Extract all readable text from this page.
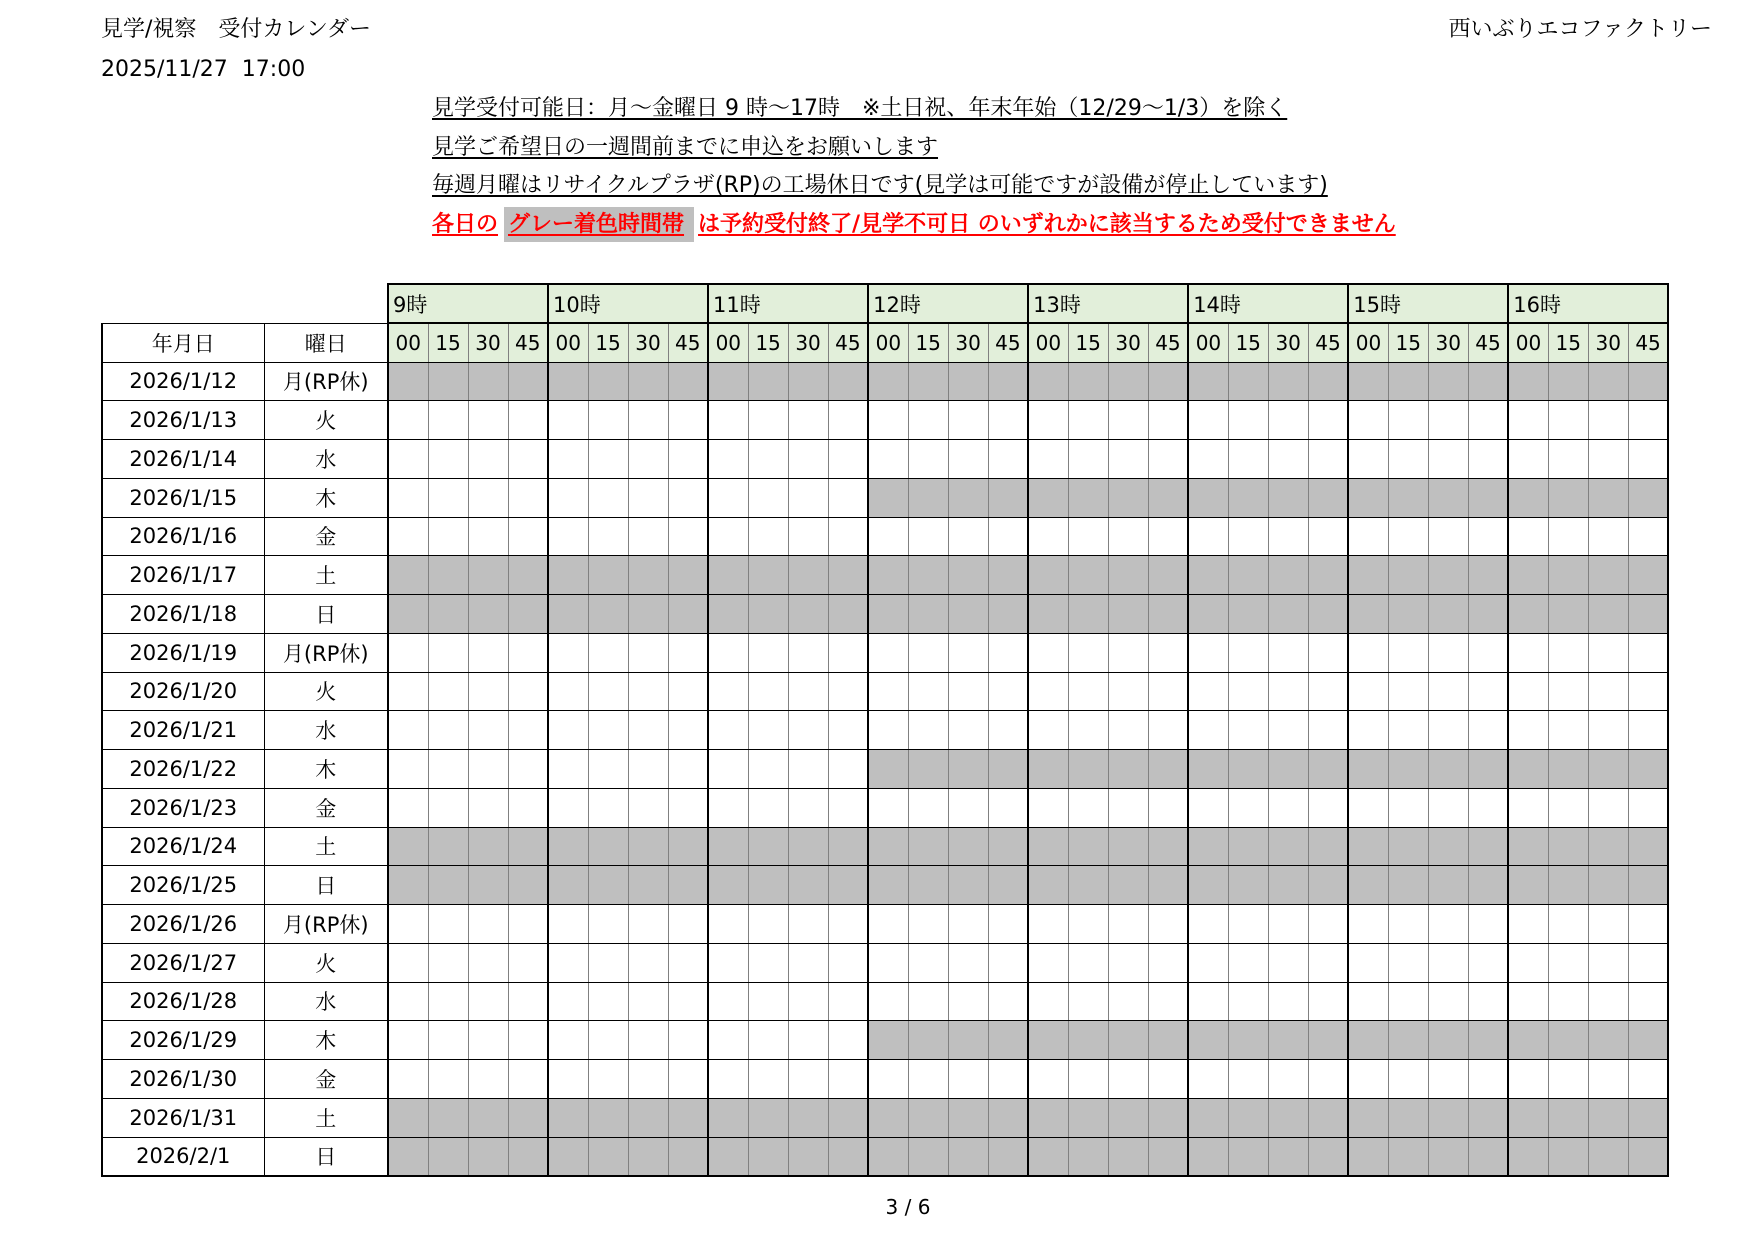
見学/視察　受付カレンダー
2025/11/27  17:00
西いぶりエコファクトリー
見学受付可能日：月～金曜日 9 時～17時　※土日祝、年末年始（12/29～1/3）を除く
見学ご希望日の一週間前までに申込をお願いします
毎週月曜はリサイクルプラザ(RP)の工場休日です(見学は可能ですが設備が停止しています)
各日の グレー着色時間帯 は予約受付終了/見学不可日 のいずれかに該当するため受付できません
		9時				10時				11時				12時				13時				14時				15時				16時			
年月日	曜日	00	15	30	45	00	15	30	45	00	15	30	45	00	15	30	45	00	15	30	45	00	15	30	45	00	15	30	45	00	15	30	45
2026/1/12	月(RP休)																																
2026/1/13	火																																
2026/1/14	水																																
2026/1/15	木																																
2026/1/16	金																																
2026/1/17	土																																
2026/1/18	日																																
2026/1/19	月(RP休)																																
2026/1/20	火																																
2026/1/21	水																																
2026/1/22	木																																
2026/1/23	金																																
2026/1/24	土																																
2026/1/25	日																																
2026/1/26	月(RP休)																																
2026/1/27	火																																
2026/1/28	水																																
2026/1/29	木																																
2026/1/30	金																																
2026/1/31	土																																
2026/2/1	日																																
3 / 6
